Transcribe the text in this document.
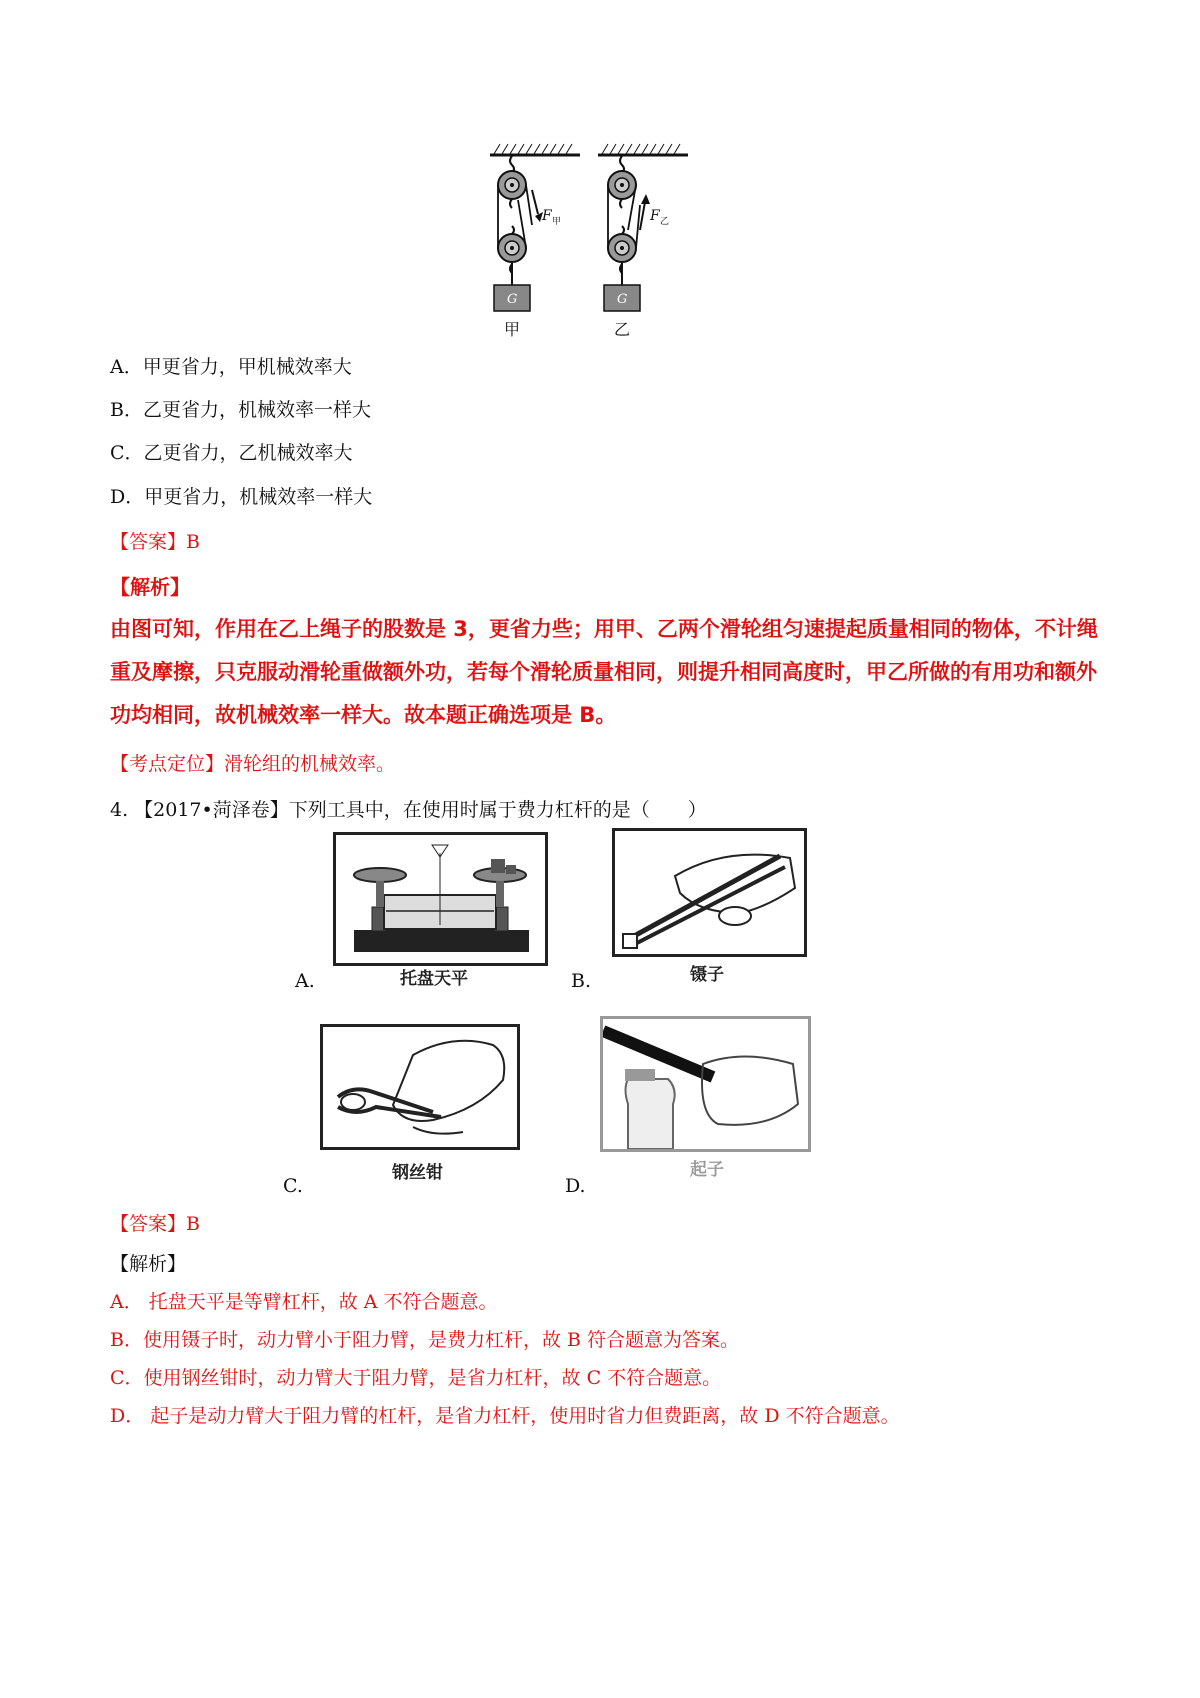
F 甲
G
甲
F 乙
G
乙
A．甲更省力，甲机械效率大
B．乙更省力，机械效率一样大
C．乙更省力，乙机械效率大
D．甲更省力，机械效率一样大
【答案】B
【解析】
由图可知，作用在乙上绳子的股数是 3，更省力些；用甲、乙两个滑轮组匀速提起质量相同的物体，不计绳重及摩擦，只克服动滑轮重做额外功，若每个滑轮质量相同，则提升相同高度时，甲乙所做的有用功和额外功均相同，故机械效率一样大。故本题正确选项是 B。
【考点定位】滑轮组的机械效率。
4. 【2017•菏泽卷】下列工具中，在使用时属于费力杠杆的是（　　）
A.	托盘天平	B.	镊子
C.
钢丝钳
D.
起子
【答案】B
【解析】
A． 托盘天平是等臂杠杆，故 A 不符合题意。
B．使用镊子时，动力臂小于阻力臂，是费力杠杆，故 B 符合题意为答案。
C．使用钢丝钳时，动力臂大于阻力臂，是省力杠杆，故 C 不符合题意。
D． 起子是动力臂大于阻力臂的杠杆，是省力杠杆，使用时省力但费距离，故 D 不符合题意。
